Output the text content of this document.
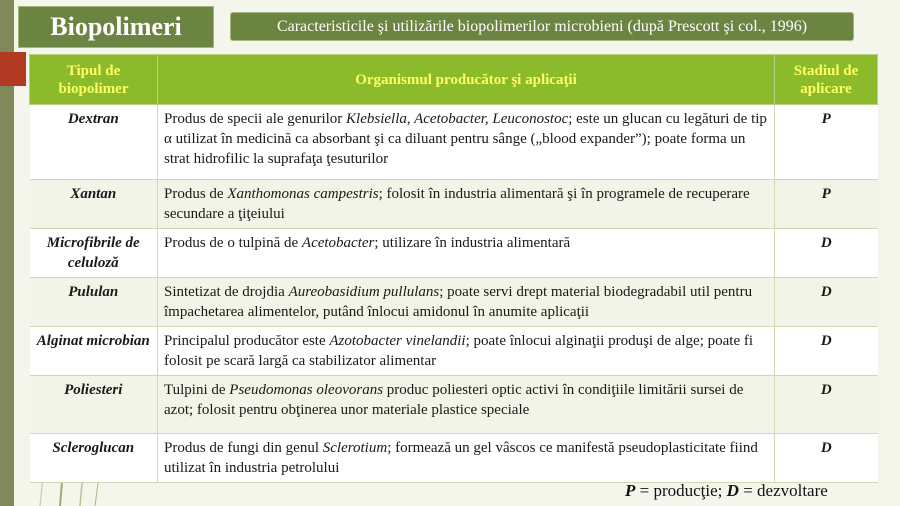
Biopolimeri	Caracteristicile şi utilizările biopolimerilor microbieni (după Prescott şi col., 1996)
Tipul de biopolimer	Organismul producător şi aplicaţii	Stadiul de aplicare
Dextran	Produs de specii ale genurilor Klebsiella, Acetobacter, Leuconostoc; este un glucan cu legături de tip α utilizat în medicină ca absorbant şi ca diluant pentru sânge („blood expander”); poate forma un strat hidrofilic la suprafaţa ţesuturilor	P
Xantan	Produs de Xanthomonas campestris; folosit în industria alimentară şi în programele de recuperare secundare a ţiţeiului	P
Microfibrile de celuloză	Produs de o tulpină de Acetobacter; utilizare în industria alimentară	D
Pululan	Sintetizat de drojdia Aureobasidium pullulans; poate servi drept material biodegradabil util pentru împachetarea alimentelor, putând înlocui amidonul în anumite aplicaţii	D
Alginat microbian	Principalul producător este Azotobacter vinelandii; poate înlocui alginaţii produşi de alge; poate fi folosit pe scară largă ca stabilizator alimentar	D
Poliesteri	Tulpini de Pseudomonas oleovorans produc poliesteri optic activi în condiţiile limitării sursei de azot; folosit pentru obţinerea unor materiale plastice speciale	D
Scleroglucan	Produs de fungi din genul Sclerotium; formează un gel vâscos ce manifestă pseudoplasticitate fiind utilizat în industria petrolului	D
P = producţie; D = dezvoltare
